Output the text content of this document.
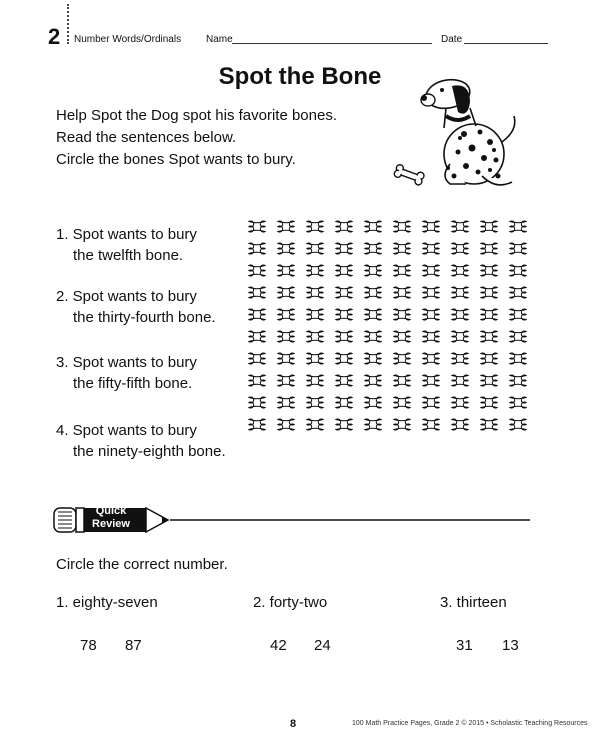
2 Number Words/Ordinals Name	Date
Spot the Bone
Help Spot the Dog spot his favorite bones.
Read the sentences below.
Circle the bones Spot wants to bury.
1. Spot wants to bury
the twelfth bone.
2. Spot wants to bury
the thirty-fourth bone.
3. Spot wants to bury
the fifty-fifth bone.
4. Spot wants to bury
the ninety-eighth bone.
Quick
Review
Circle the correct number.
1. eighty-seven	2. forty-two	3. thirteen
78 87	42 24	31 13
8	100 Math Practice Pages, Grade 2 © 2015 • Scholastic Teaching Resources
